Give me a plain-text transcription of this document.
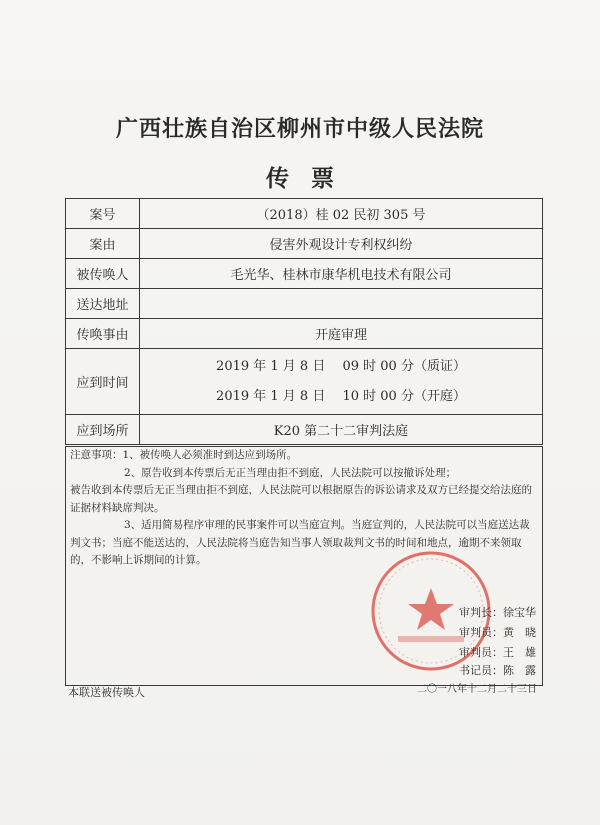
广西壮族自治区柳州市中级人民法院
传票
案号	（2018）桂 02 民初 305 号
案由	侵害外观设计专利权纠纷
被传唤人	毛光华、桂林市康华机电技术有限公司
送达地址	
传唤事由	开庭审理
应到时间	2019 年 1 月 8 日　 09 时 00 分（质证）
2019 年 1 月 8 日　 10 时 00 分（开庭）

应到场所	K20 第二十二审判法庭

注意事项：1、被传唤人必须准时到达应到场所。

2、原告收到本传票后无正当理由拒不到庭，人民法院可以按撤诉处理；

被告收到本传票后无正当理由拒不到庭，人民法院可以根据原告的诉讼请求及双方已经提交给法庭的证据材料缺席判决。

3、适用简易程序审理的民事案件可以当庭宣判。当庭宣判的，人民法院可以当庭送达裁判文书；当庭不能送达的，人民法院将当庭告知当事人领取裁判文书的时间和地点，逾期不来领取的，不影响上诉期间的计算。

审判长：徐宝华
审判员：黄　晓
审判员：王　雄
书记员：陈　露
二〇一八年十二月二十三日
本联送被传唤人
